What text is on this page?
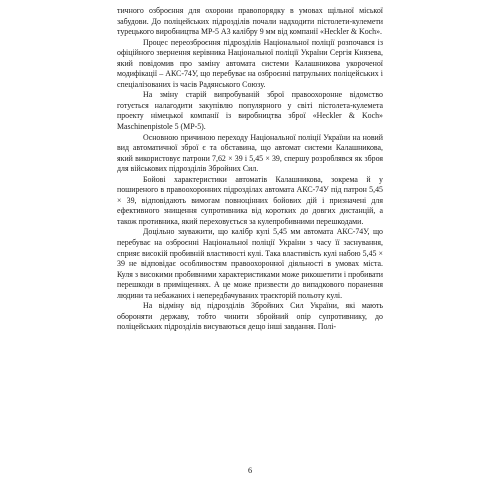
тичного озброєння для охорони правопорядку в умовах щільної міської забудови. До поліцейських підрозділів почали надходити пістолети-кулемети турецького виробництва MP-5 А3 калібру 9 мм від компанії «Heckler & Koch».

Процес переозброєння підрозділів Національної поліції розпочався із офіційного звернення керівника Національної поліції України Сергія Князева, який повідомив про заміну автомата системи Калашникова укороченої модифікації – АКС-74У, що перебуває на озброєнні патрульних поліцейських і спеціалізованих із часів Радянського Союзу.

На зміну старій випробуваній зброї правоохоронне відомство готується налагодити закупівлю популярного у світі пістолета-кулемета проекту німецької компанії із виробництва зброї «Heckler & Koch» Maschinenpistole 5 (MP-5).

Основною причиною переходу Національної поліції України на новий вид автоматичної зброї є та обставина, що автомат системи Калашникова, який використовує патрони 7,62 × 39 і 5,45 × 39, спершу розроблявся як зброя для військових підрозділів Збройних Сил.

Бойові характеристики автоматів Калашникова, зокрема й у поширеного в правоохоронних підрозділах автомата АКС-74У під патрон 5,45 × 39, відповідають вимогам повноцінних бойових дій і призначені для ефективного знищення супротивника від коротких до довгих дистанцій, а також противника, який переховується за кулепробивними перешкодами.

Доцільно зауважити, що калібр кулі 5,45 мм автомата АКС-74У, що перебуває на озброєнні Національної поліції України з часу її заснування, сприяє високій пробивній властивості кулі. Така властивість кулі набою 5,45 × 39 не відповідає особливостям правоохоронної діяльності в умовах міста. Куля з високими пробивними характеристиками може рикошетити і пробивати перешкоди в приміщеннях. А це може призвести до випадкового поранення людини та небажаних і непередбачуваних траєкторій польоту кулі.

На відміну від підрозділів Збройних Сил України, які мають обороняти державу, тобто чинити збройний опір супротивнику, до поліцейських підрозділів висуваються дещо інші завдання. Полі-

6
